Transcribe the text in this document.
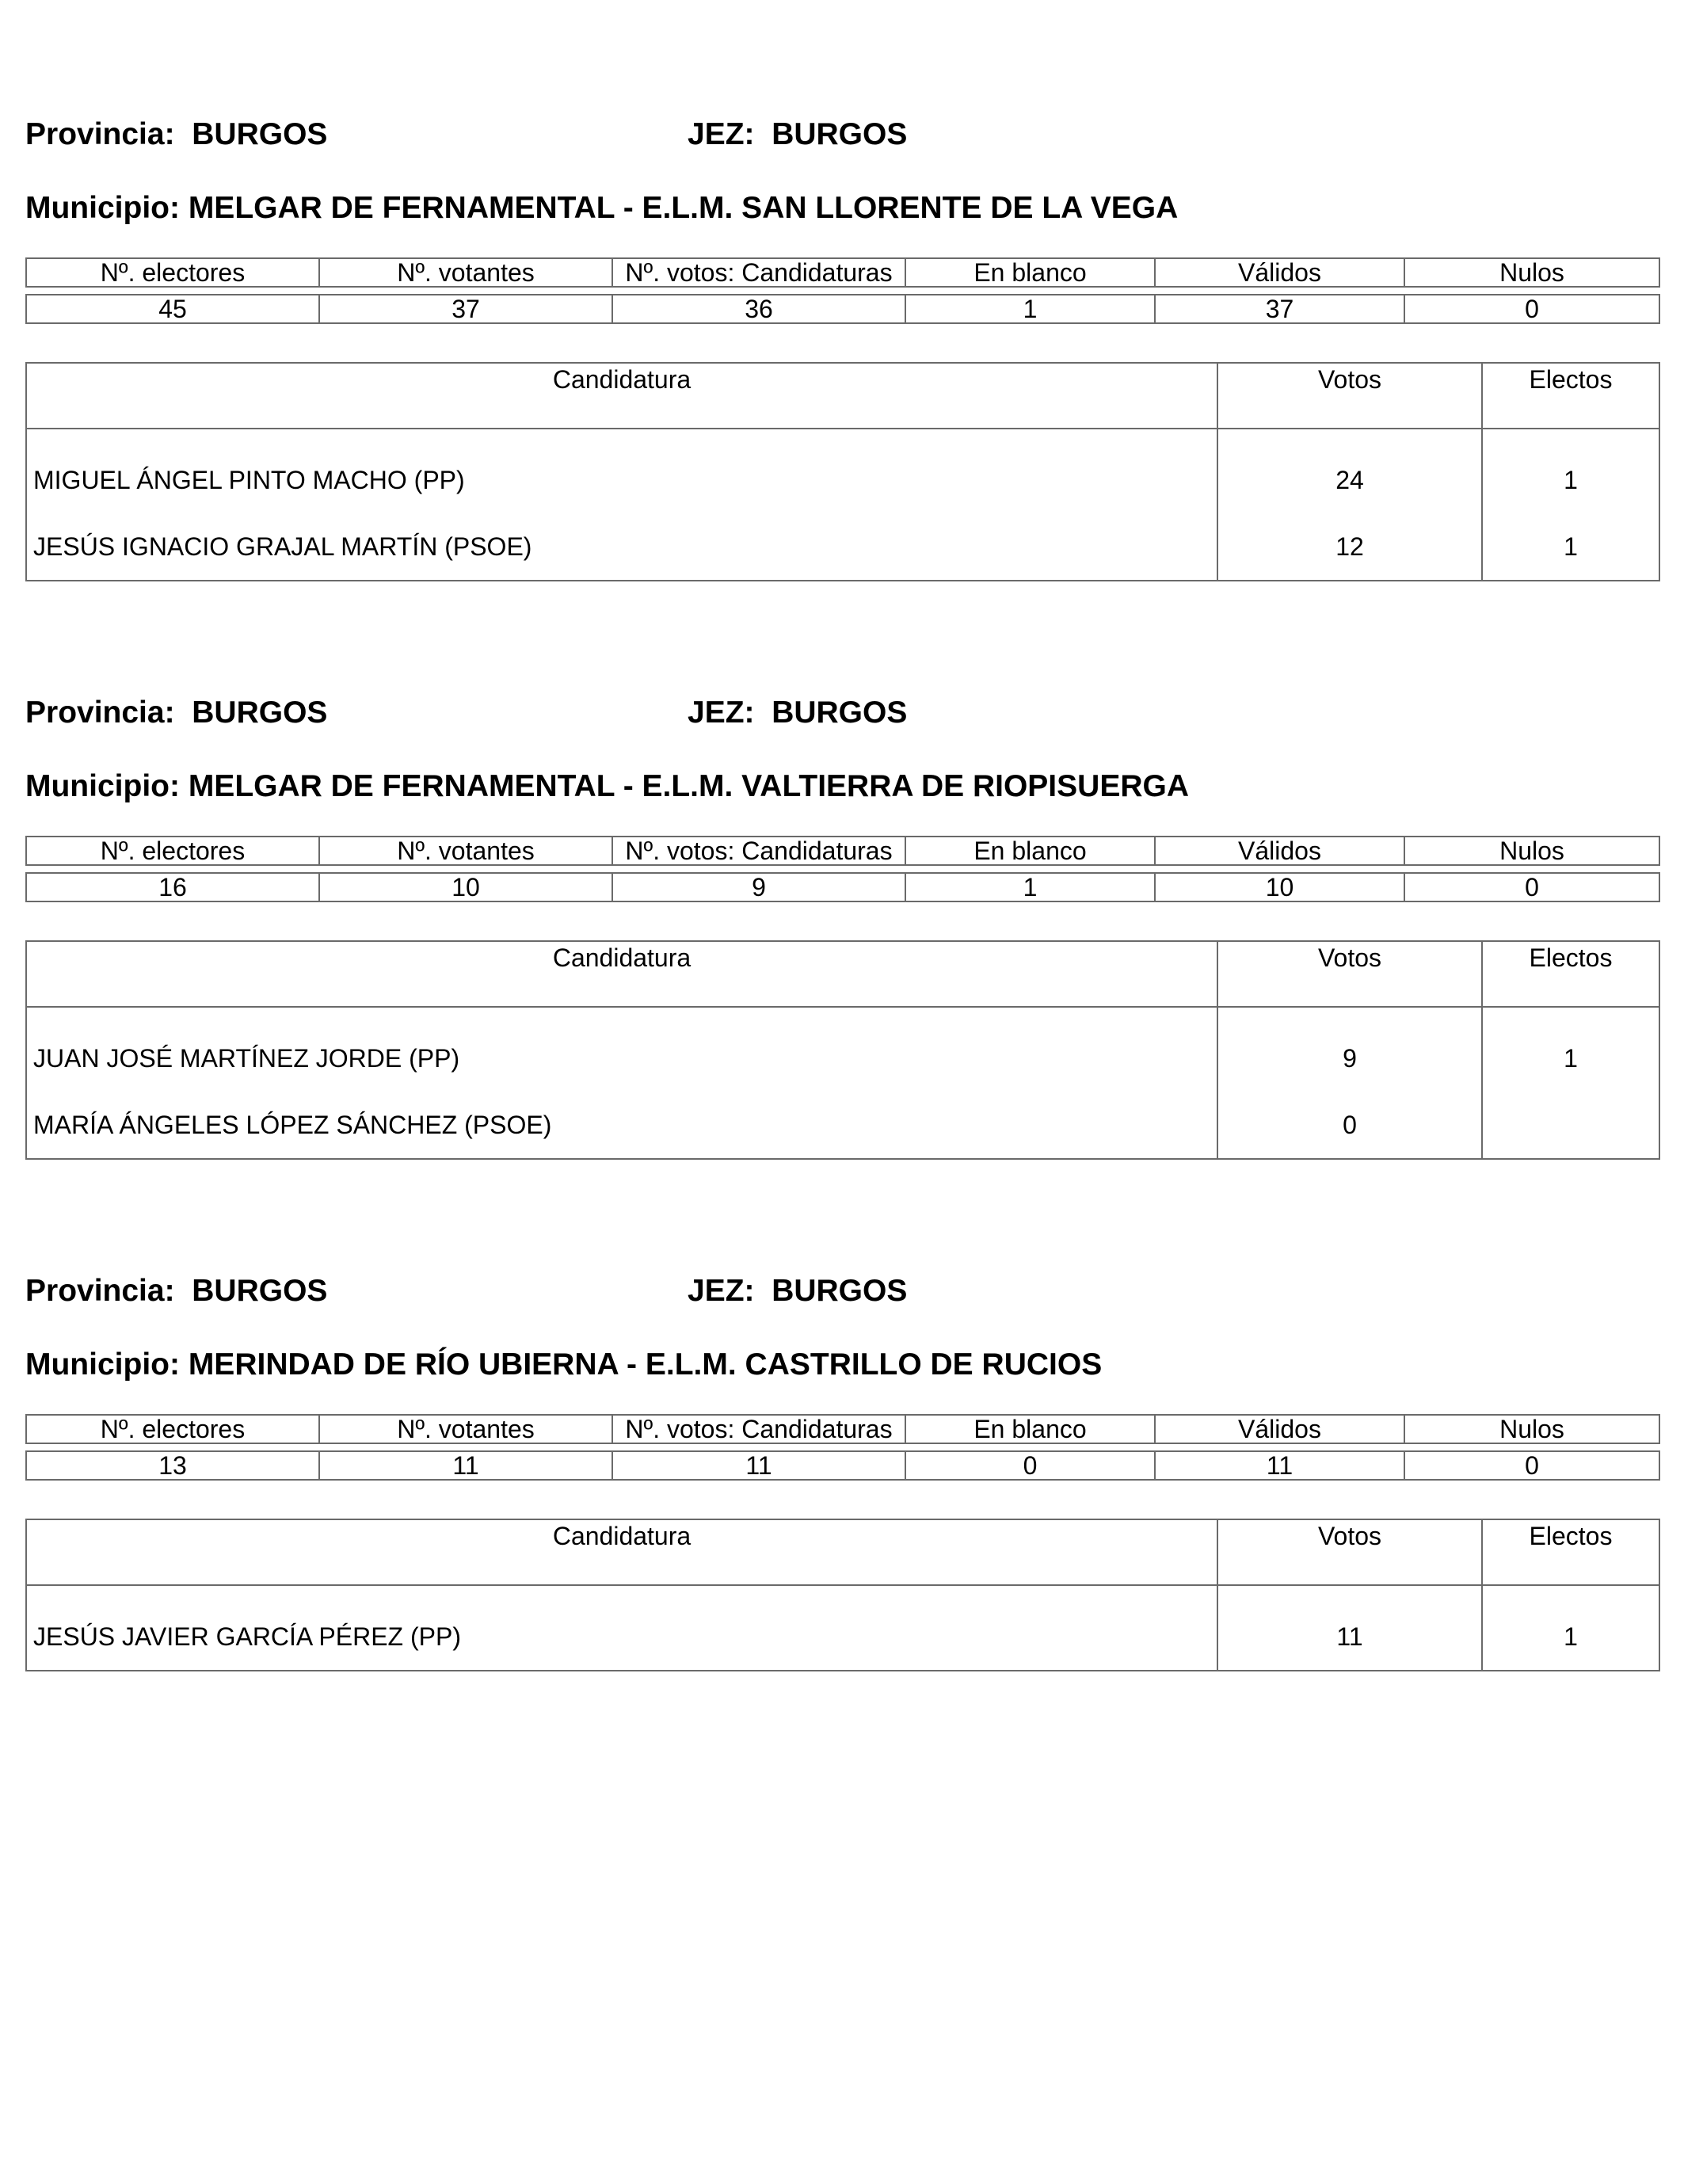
Provincia: BURGOS	JEZ: BURGOS
Municipio: MELGAR DE FERNAMENTAL - E.L.M. SAN LLORENTE DE LA VEGA
Nº. electores	Nº. votantes	Nº. votos: Candidaturas	En blanco	Válidos	Nulos

45	37	36	1	37	0
Candidatura	Votos	Electos
MIGUEL ÁNGEL PINTO MACHO (PP)	24	1
JESÚS IGNACIO GRAJAL MARTÍN (PSOE)	12	1
Provincia: BURGOS	JEZ: BURGOS
Municipio: MELGAR DE FERNAMENTAL - E.L.M. VALTIERRA DE RIOPISUERGA
Nº. electores	Nº. votantes	Nº. votos: Candidaturas	En blanco	Válidos	Nulos

16	10	9	1	10	0
Candidatura	Votos	Electos
JUAN JOSÉ MARTÍNEZ JORDE (PP)	9	1
MARÍA ÁNGELES LÓPEZ SÁNCHEZ (PSOE)	0	
Provincia: BURGOS	JEZ: BURGOS
Municipio: MERINDAD DE RÍO UBIERNA - E.L.M. CASTRILLO DE RUCIOS
Nº. electores	Nº. votantes	Nº. votos: Candidaturas	En blanco	Válidos	Nulos

13	11	11	0	11	0
Candidatura	Votos	Electos
JESÚS JAVIER GARCÍA PÉREZ (PP)	11	1
